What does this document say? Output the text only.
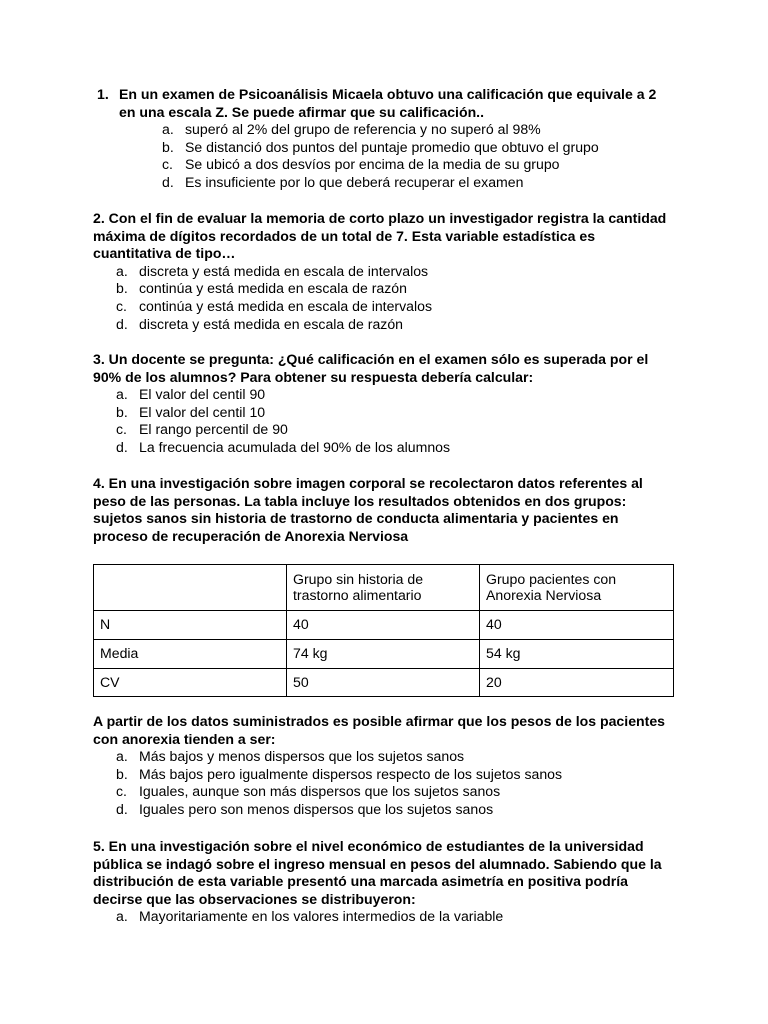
1. En un examen de Psicoanálisis Micaela obtuvo una calificación que equivale a 2
en una escala Z. Se puede afirmar que su calificación..
a. superó al 2% del grupo de referencia y no superó al 98%
b. Se distanció dos puntos del puntaje promedio que obtuvo el grupo
c. Se ubicó a dos desvíos por encima de la media de su grupo
d. Es insuficiente por lo que deberá recuperar el examen
2. Con el fin de evaluar la memoria de corto plazo un investigador registra la cantidad
máxima de dígitos recordados de un total de 7. Esta variable estadística es
cuantitativa de tipo…
a. discreta y está medida en escala de intervalos
b. continúa y está medida en escala de razón
c. continúa y está medida en escala de intervalos
d. discreta y está medida en escala de razón
3. Un docente se pregunta: ¿Qué calificación en el examen sólo es superada por el
90% de los alumnos? Para obtener su respuesta debería calcular:
a. El valor del centil 90
b. El valor del centil 10
c. El rango percentil de 90
d. La frecuencia acumulada del 90% de los alumnos
4. En una investigación sobre imagen corporal se recolectaron datos referentes al
peso de las personas. La tabla incluye los resultados obtenidos en dos grupos:
sujetos sanos sin historia de trastorno de conducta alimentaria y pacientes en
proceso de recuperación de Anorexia Nerviosa
	Grupo sin historia de trastorno alimentario	Grupo pacientes con Anorexia Nerviosa
N	40	40
Media	74 kg	54 kg
CV	50	20
A partir de los datos suministrados es posible afirmar que los pesos de los pacientes
con anorexia tienden a ser:
a. Más bajos y menos dispersos que los sujetos sanos
b. Más bajos pero igualmente dispersos respecto de los sujetos sanos
c. Iguales, aunque son más dispersos que los sujetos sanos
d. Iguales pero son menos dispersos que los sujetos sanos
5. En una investigación sobre el nivel económico de estudiantes de la universidad
pública se indagó sobre el ingreso mensual en pesos del alumnado. Sabiendo que la
distribución de esta variable presentó una marcada asimetría en positiva podría
decirse que las observaciones se distribuyeron:
a. Mayoritariamente en los valores intermedios de la variable
